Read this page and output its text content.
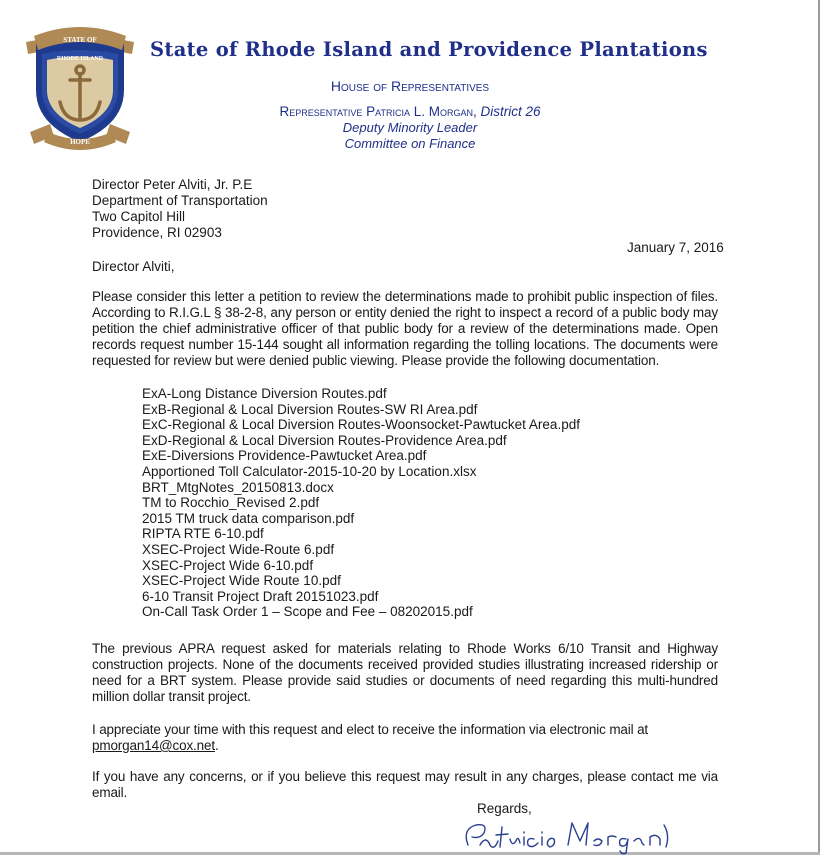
STATE OF
RHODE ISLAND
HOPE
State of Rhode Island and Providence Plantations
House of Representatives
Representative Patricia L. Morgan, District 26
Deputy Minority Leader
Committee on Finance
Director Peter Alviti, Jr. P.E
Department of Transportation
Two Capitol Hill
Providence, RI 02903
January 7, 2016
Director Alviti,
Please consider this letter a petition to review the determinations made to prohibit public inspection of files. According to R.I.G.L § 38-2-8, any person or entity denied the right to inspect a record of a public body may petition the chief administrative officer of that public body for a review of the determinations made. Open records request number 15-144 sought all information regarding the tolling locations. The documents were requested for review but were denied public viewing. Please provide the following documentation.
ExA-Long Distance Diversion Routes.pdf
ExB-Regional & Local Diversion Routes-SW RI Area.pdf
ExC-Regional & Local Diversion Routes-Woonsocket-Pawtucket Area.pdf
ExD-Regional & Local Diversion Routes-Providence Area.pdf
ExE-Diversions Providence-Pawtucket Area.pdf
Apportioned Toll Calculator-2015-10-20 by Location.xlsx
BRT_MtgNotes_20150813.docx
TM to Rocchio_Revised 2.pdf
2015 TM truck data comparison.pdf
RIPTA RTE 6-10.pdf
XSEC-Project Wide-Route 6.pdf
XSEC-Project Wide 6-10.pdf
XSEC-Project Wide Route 10.pdf
6-10 Transit Project Draft 20151023.pdf
On-Call Task Order 1 – Scope and Fee – 08202015.pdf
The previous APRA request asked for materials relating to Rhode Works 6/10 Transit and Highway construction projects. None of the documents received provided studies illustrating increased ridership or need for a BRT system. Please provide said studies or documents of need regarding this multi-hundred million dollar transit project.
I appreciate your time with this request and elect to receive the information via electronic mail at
pmorgan14@cox.net.
If you have any concerns, or if you believe this request may result in any charges, please contact me via email.
Regards,
